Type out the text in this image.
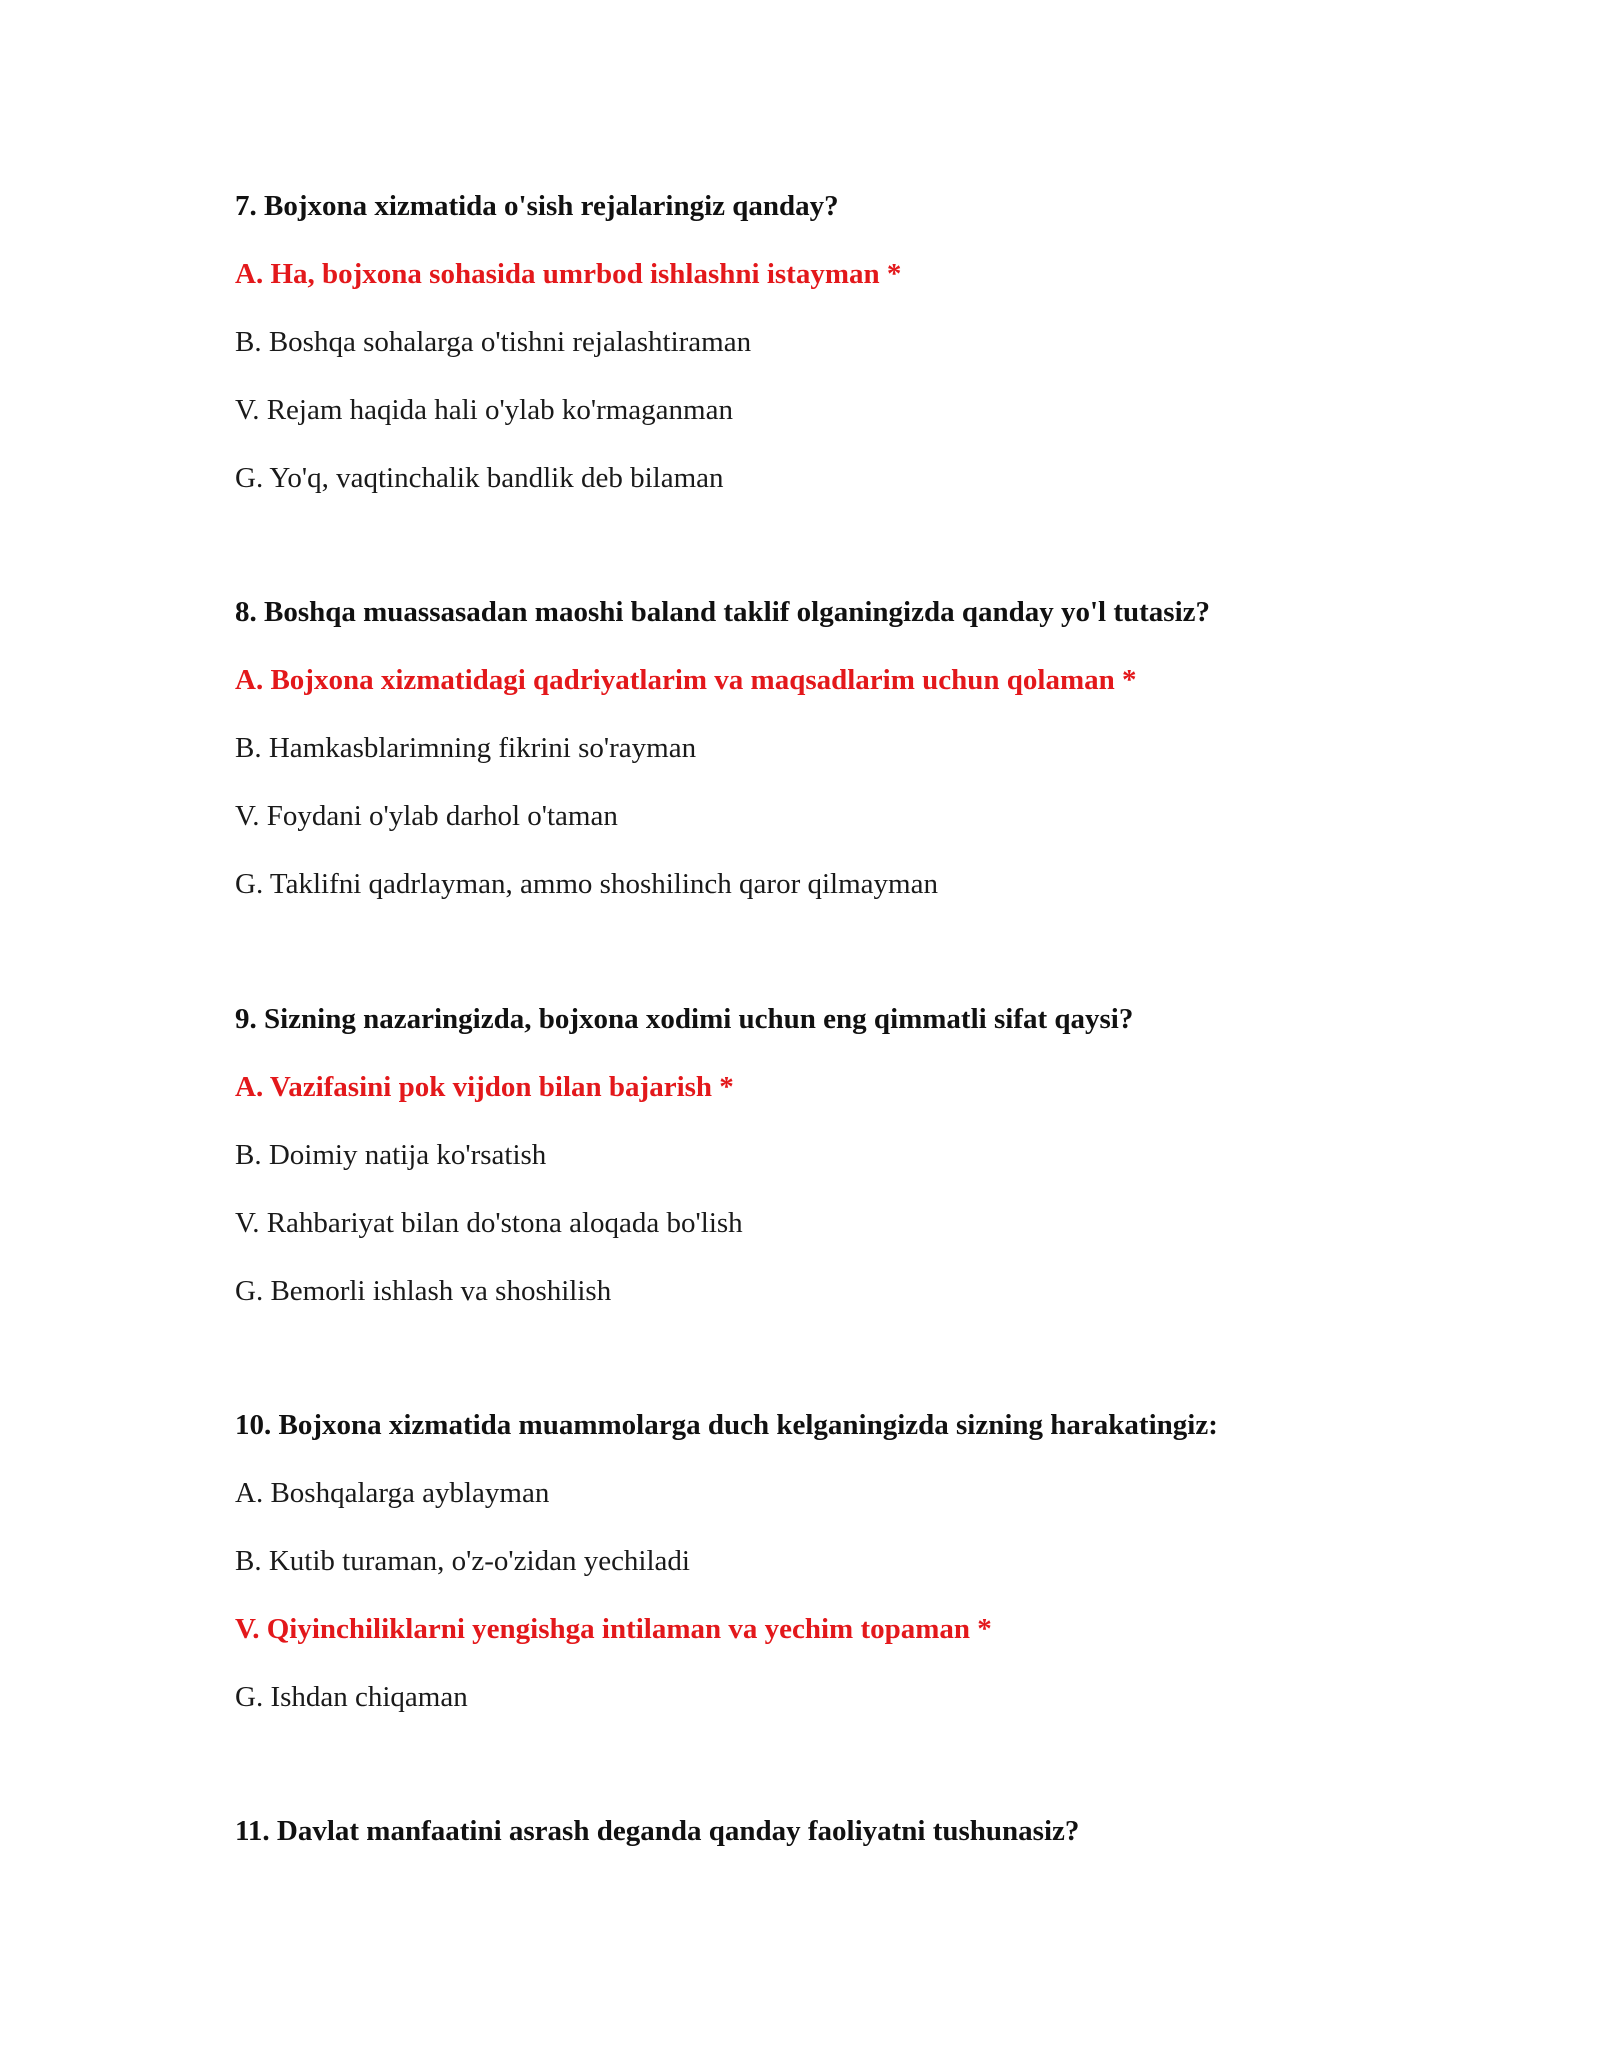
7. Bojxona xizmatida o'sish rejalaringiz qanday?
A. Ha, bojxona sohasida umrbod ishlashni istayman *
B. Boshqa sohalarga o'tishni rejalashtiraman
V. Rejam haqida hali o'ylab ko'rmaganman
G. Yo'q, vaqtinchalik bandlik deb bilaman
8. Boshqa muassasadan maoshi baland taklif olganingizda qanday yo'l tutasiz?
A. Bojxona xizmatidagi qadriyatlarim va maqsadlarim uchun qolaman *
B. Hamkasblarimning fikrini so'rayman
V. Foydani o'ylab darhol o'taman
G. Taklifni qadrlayman, ammo shoshilinch qaror qilmayman
9. Sizning nazaringizda, bojxona xodimi uchun eng qimmatli sifat qaysi?
A. Vazifasini pok vijdon bilan bajarish *
B. Doimiy natija ko'rsatish
V. Rahbariyat bilan do'stona aloqada bo'lish
G. Bemorli ishlash va shoshilish
10. Bojxona xizmatida muammolarga duch kelganingizda sizning harakatingiz:
A. Boshqalarga ayblayman
B. Kutib turaman, o'z-o'zidan yechiladi
V. Qiyinchiliklarni yengishga intilaman va yechim topaman *
G. Ishdan chiqaman
11. Davlat manfaatini asrash deganda qanday faoliyatni tushunasiz?
